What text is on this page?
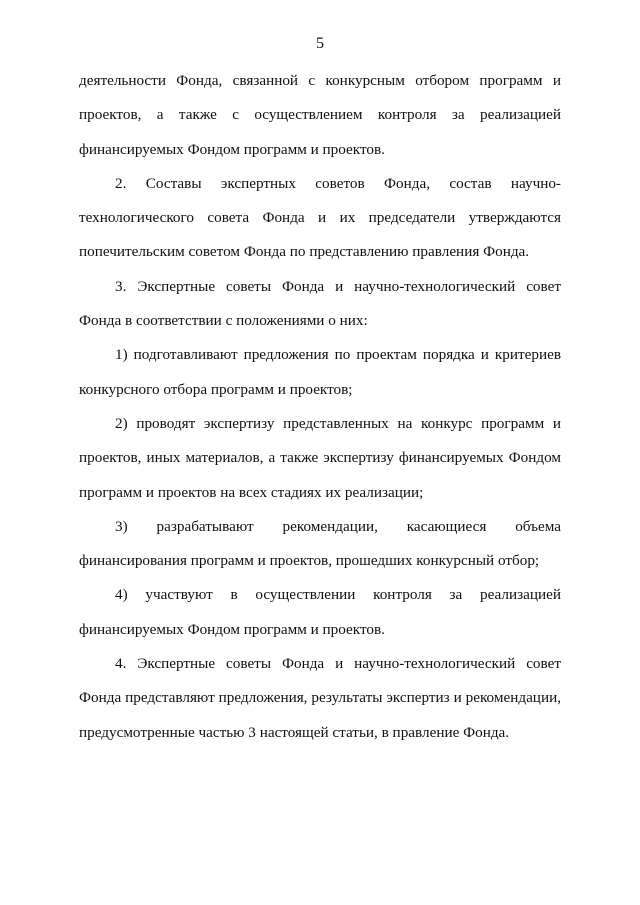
5

деятельности Фонда, связанной с конкурсным отбором программ и проектов, а также с осуществлением контроля за реализацией финансируемых Фондом программ и проектов.

2. Составы экспертных советов Фонда, состав научно-технологического совета Фонда и их председатели утверждаются попечительским советом Фонда по представлению правления Фонда.

3. Экспертные советы Фонда и научно-технологический совет Фонда в соответствии с положениями о них:

1) подготавливают предложения по проектам порядка и критериев конкурсного отбора программ и проектов;

2) проводят экспертизу представленных на конкурс программ и проектов, иных материалов, а также экспертизу финансируемых Фондом программ и проектов на всех стадиях их реализации;

3) разрабатывают рекомендации, касающиеся объема финансирования программ и проектов, прошедших конкурсный отбор;

4) участвуют в осуществлении контроля за реализацией финансируемых Фондом программ и проектов.

4. Экспертные советы Фонда и научно-технологический совет Фонда представляют предложения, результаты экспертиз и рекомендации, предусмотренные частью 3 настоящей статьи, в правление Фонда.
